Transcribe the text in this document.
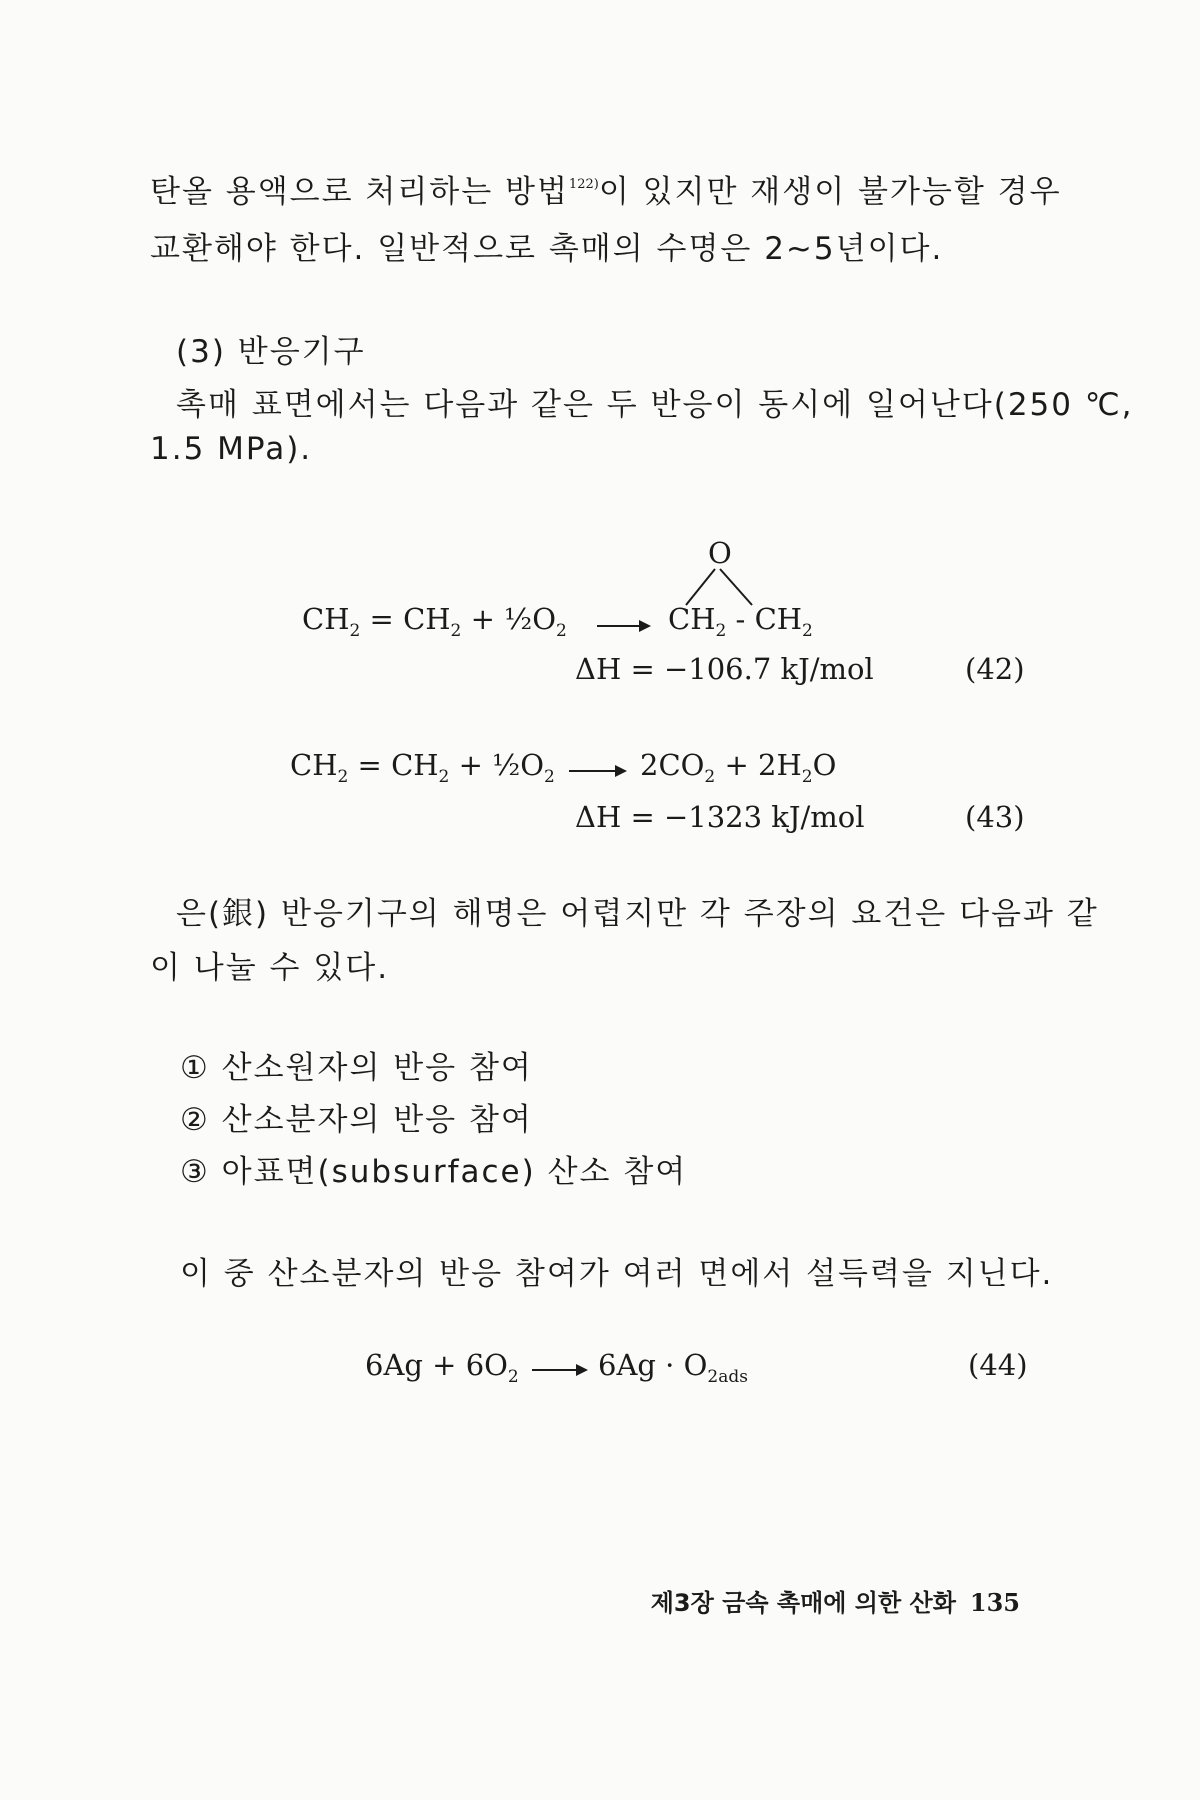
탄올 용액으로 처리하는 방법$^{122)}$이 있지만 재생이 불가능할 경우
교환해야 한다. 일반적으로 촉매의 수명은 2~5년이다.
(3) 반응기구
촉매 표면에서는 다음과 같은 두 반응이 동시에 일어난다(250 ℃,
1.5 MPa).
$CH_2 = CH_2$ + $\frac{1}{2}O_2$
O
$CH_2 - CH_2$
ΔH = −106.7 kJ/mol	(42)
$CH_2 = CH_2$ + $\frac{1}{2}O_2 \to 2CO_2 + 2H_2O$
ΔH = −1323 kJ/mol	(43)
은(銀) 반응기구의 해명은 어렵지만 각 주장의 요건은 다음과 같
이 나눌 수 있다.
① 산소원자의 반응 참여
② 산소분자의 반응 참여
③ 아표면(subsurface) 산소 참여
이 중 산소분자의 반응 참여가 여러 면에서 설득력을 지닌다.
$6Ag + 6O_2 \to 6Ag \cdot O_{2ads}$	(44)
제3장 금속 촉매에 의한 산화 135
